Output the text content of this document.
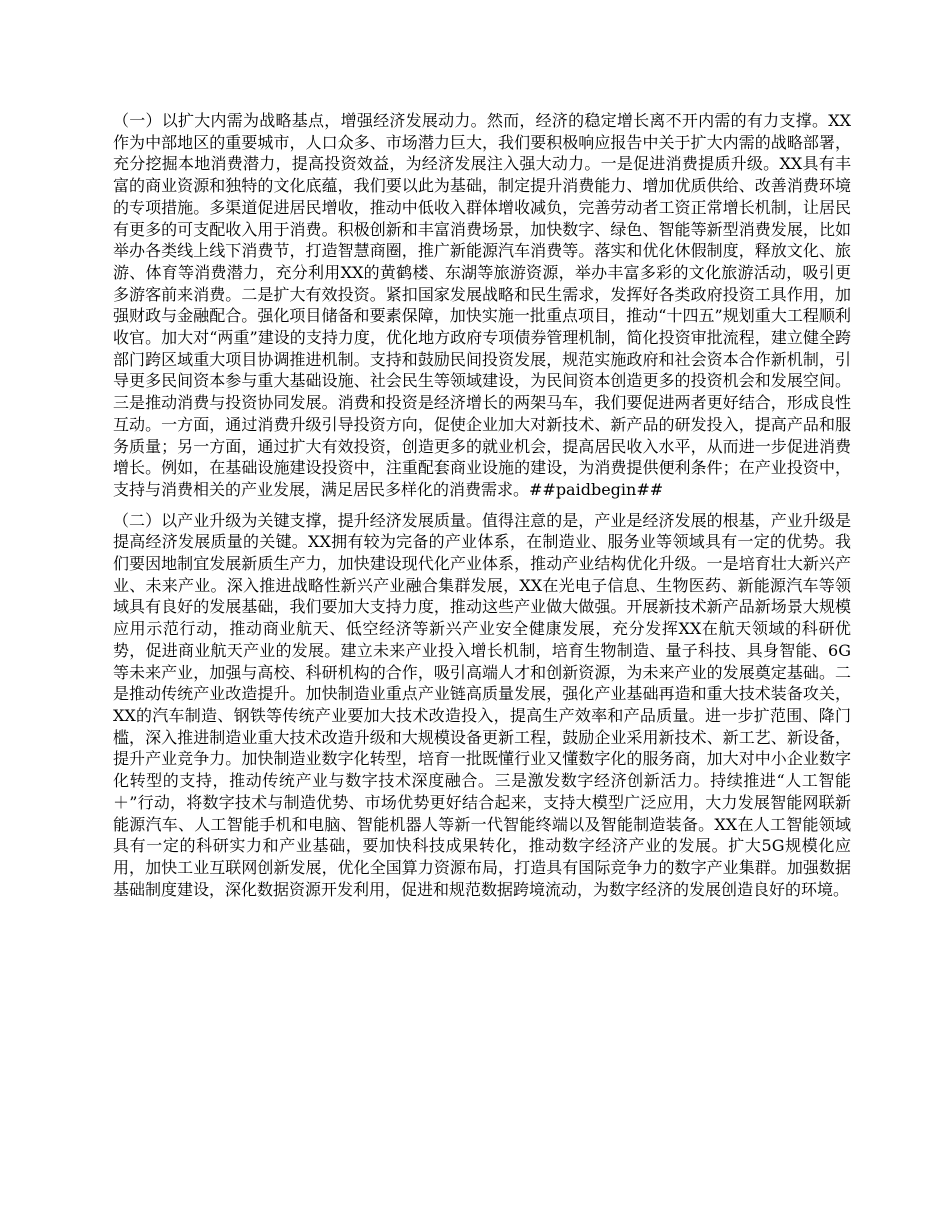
（一）以扩大内需为战略基点，增强经济发展动力。然而，经济的稳定增长离不开内需的有力支撑。XX作为中部地区的重要城市，人口众多、市场潜力巨大，我们要积极响应报告中关于扩大内需的战略部署，充分挖掘本地消费潜力，提高投资效益，为经济发展注入强大动力。一是促进消费提质升级。XX具有丰富的商业资源和独特的文化底蕴，我们要以此为基础，制定提升消费能力、增加优质供给、改善消费环境的专项措施。多渠道促进居民增收，推动中低收入群体增收减负，完善劳动者工资正常增长机制，让居民有更多的可支配收入用于消费。积极创新和丰富消费场景，加快数字、绿色、智能等新型消费发展，比如举办各类线上线下消费节，打造智慧商圈，推广新能源汽车消费等。落实和优化休假制度，释放文化、旅游、体育等消费潜力，充分利用XX的黄鹤楼、东湖等旅游资源，举办丰富多彩的文化旅游活动，吸引更多游客前来消费。二是扩大有效投资。紧扣国家发展战略和民生需求，发挥好各类政府投资工具作用，加强财政与金融配合。强化项目储备和要素保障，加快实施一批重点项目，推动“十四五”规划重大工程顺利收官。加大对“两重”建设的支持力度，优化地方政府专项债券管理机制，简化投资审批流程，建立健全跨部门跨区域重大项目协调推进机制。支持和鼓励民间投资发展，规范实施政府和社会资本合作新机制，引导更多民间资本参与重大基础设施、社会民生等领域建设，为民间资本创造更多的投资机会和发展空间。三是推动消费与投资协同发展。消费和投资是经济增长的两架马车，我们要促进两者更好结合，形成良性互动。一方面，通过消费升级引导投资方向，促使企业加大对新技术、新产品的研发投入，提高产品和服务质量；另一方面，通过扩大有效投资，创造更多的就业机会，提高居民收入水平，从而进一步促进消费增长。例如，在基础设施建设投资中，注重配套商业设施的建设，为消费提供便利条件；在产业投资中，支持与消费相关的产业发展，满足居民多样化的消费需求。##paidbegin##

（二）以产业升级为关键支撑，提升经济发展质量。值得注意的是，产业是经济发展的根基，产业升级是提高经济发展质量的关键。XX拥有较为完备的产业体系，在制造业、服务业等领域具有一定的优势。我们要因地制宜发展新质生产力，加快建设现代化产业体系，推动产业结构优化升级。一是培育壮大新兴产业、未来产业。深入推进战略性新兴产业融合集群发展，XX在光电子信息、生物医药、新能源汽车等领域具有良好的发展基础，我们要加大支持力度，推动这些产业做大做强。开展新技术新产品新场景大规模应用示范行动，推动商业航天、低空经济等新兴产业安全健康发展，充分发挥XX在航天领域的科研优势，促进商业航天产业的发展。建立未来产业投入增长机制，培育生物制造、量子科技、具身智能、6G等未来产业，加强与高校、科研机构的合作，吸引高端人才和创新资源，为未来产业的发展奠定基础。二是推动传统产业改造提升。加快制造业重点产业链高质量发展，强化产业基础再造和重大技术装备攻关，XX的汽车制造、钢铁等传统产业要加大技术改造投入，提高生产效率和产品质量。进一步扩范围、降门槛，深入推进制造业重大技术改造升级和大规模设备更新工程，鼓励企业采用新技术、新工艺、新设备，提升产业竞争力。加快制造业数字化转型，培育一批既懂行业又懂数字化的服务商，加大对中小企业数字化转型的支持，推动传统产业与数字技术深度融合。三是激发数字经济创新活力。持续推进“人工智能＋”行动，将数字技术与制造优势、市场优势更好结合起来，支持大模型广泛应用，大力发展智能网联新能源汽车、人工智能手机和电脑、智能机器人等新一代智能终端以及智能制造装备。XX在人工智能领域具有一定的科研实力和产业基础，要加快科技成果转化，推动数字经济产业的发展。扩大5G规模化应用，加快工业互联网创新发展，优化全国算力资源布局，打造具有国际竞争力的数字产业集群。加强数据基础制度建设，深化数据资源开发利用，促进和规范数据跨境流动，为数字经济的发展创造良好的环境。
